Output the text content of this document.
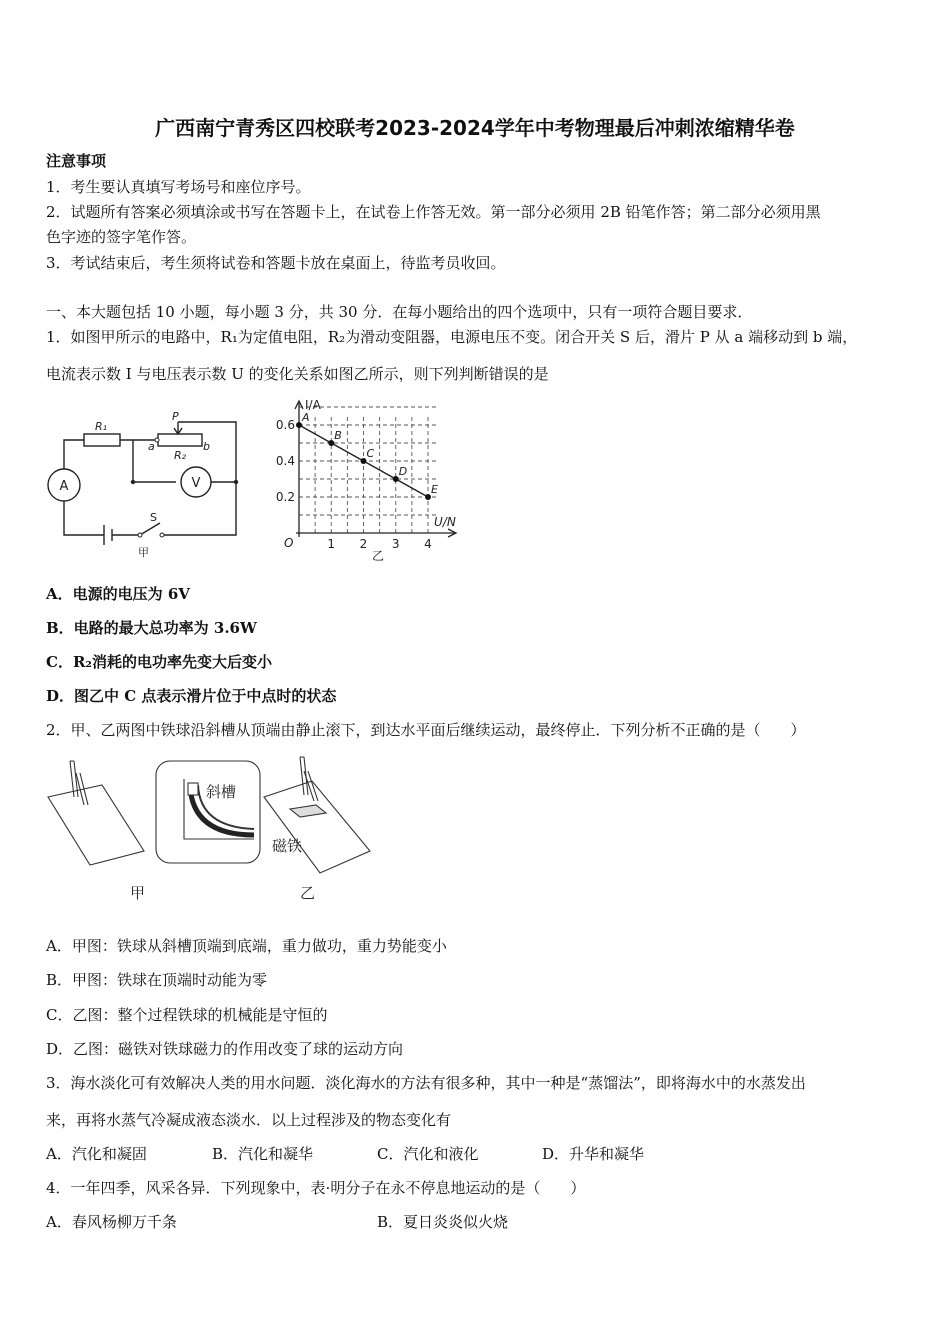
广西南宁青秀区四校联考2023-2024学年中考物理最后冲刺浓缩精华卷
注意事项
1．考生要认真填写考场号和座位序号。
2．试题所有答案必须填涂或书写在答题卡上，在试卷上作答无效。第一部分必须用 2B 铅笔作答；第二部分必须用黑
色字迹的签字笔作答。
3．考试结束后，考生须将试卷和答题卡放在桌面上，待监考员收回。
一、本大题包括 10 小题，每小题 3 分，共 30 分．在每小题给出的四个选项中，只有一项符合题目要求．
1．如图甲所示的电路中，R₁为定值电阻，R₂为滑动变阻器，电源电压不变。闭合开关 S 后，滑片 P 从 a 端移动到 b 端，
电流表示数 I 与电压表示数 U 的变化关系如图乙所示，则下列判断错误的是
R₁
P
a	b
R₂
S
甲
A	V
A
B
C
D
E
1 2 3 4
0.2
0.4
0.6
I/A
U/N
O
乙
A．电源的电压为 6V
B．电路的最大总功率为 3.6W
C．R₂消耗的电功率先变大后变小
D．图乙中 C 点表示滑片位于中点时的状态
2．甲、乙两图中铁球沿斜槽从顶端由静止滚下，到达水平面后继续运动，最终停止．下列分析不正确的是（　　）
斜槽
磁铁
甲	乙
A．甲图：铁球从斜槽顶端到底端，重力做功，重力势能变小
B．甲图：铁球在顶端时动能为零
C．乙图：整个过程铁球的机械能是守恒的
D．乙图：磁铁对铁球磁力的作用改变了球的运动方向
3．海水淡化可有效解决人类的用水问题．淡化海水的方法有很多种，其中一种是“蒸馏法”，即将海水中的水蒸发出
来，再将水蒸气冷凝成液态淡水．以上过程涉及的物态变化有
A．汽化和凝固	B．汽化和凝华	C．汽化和液化	D．升华和凝华
4．一年四季，风采各异．下列现象中，表·明分子在永不停息地运动的是（　　）
A．春风杨柳万千条	B．夏日炎炎似火烧
